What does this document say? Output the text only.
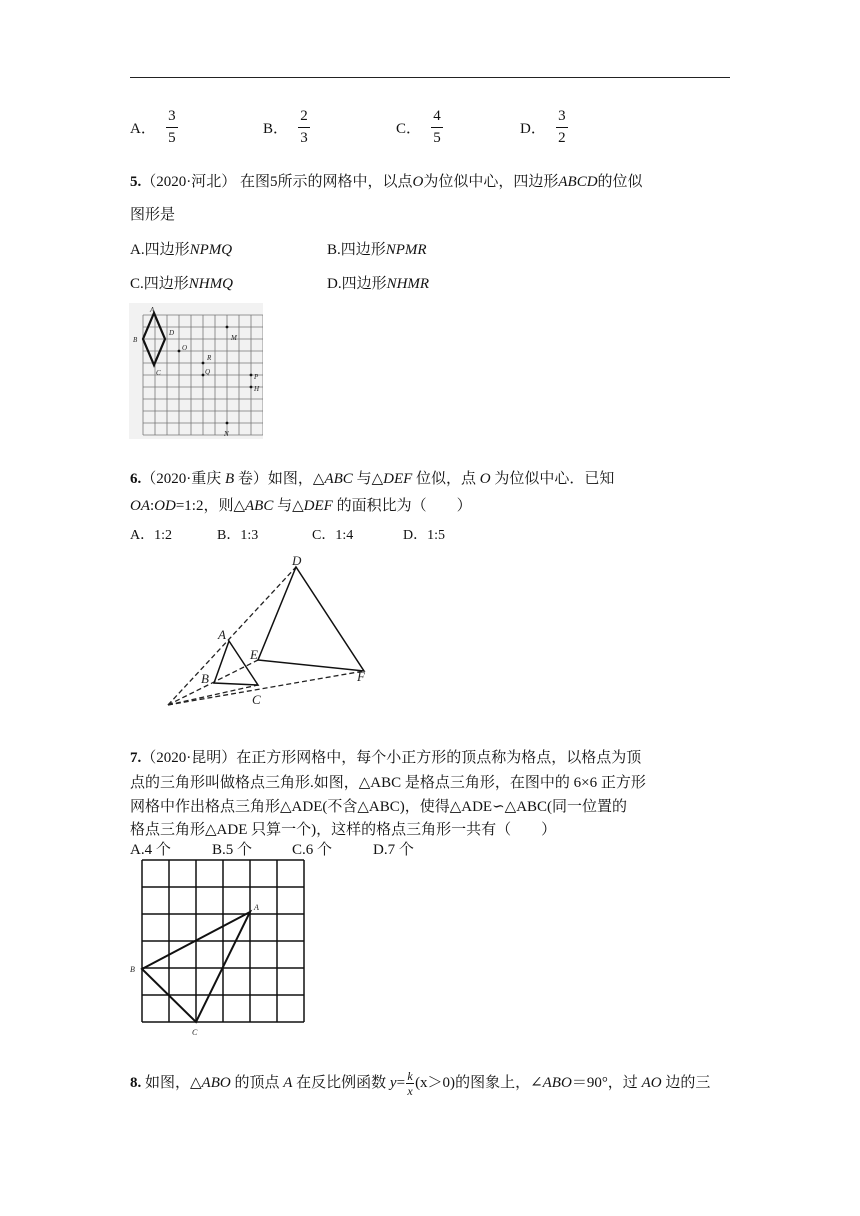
A． $\frac{3}{5}$	B． $\frac{2}{3}$	C． $\frac{4}{5}$	D． $\frac{3}{2}$
5.（2020·河北） 在图5所示的网格中，以点O为位似中心，四边形ABCD的位似
图形是
A.四边形NPMQ	B.四边形NPMR
C.四边形NHMQ	D.四边形NHMR
A
B
C
D
O
M
R
Q
P
H
N
6.（2020·重庆 B 卷）如图，△ABC 与△DEF 位似，点 O 为位似中心．已知
OA:OD=1:2，则△ABC 与△DEF 的面积比为（　　）
A．1:2	B．1:3	C．1:4	D．1:5
D
A
E
B
C
F
7.（2020·昆明）在正方形网格中，每个小正方形的顶点称为格点，以格点为顶
点的三角形叫做格点三角形.如图，△ABC 是格点三角形，在图中的 6×6 正方形
网格中作出格点三角形△ADE(不含△ABC)，使得△ADE∽△ABC(同一位置的
格点三角形△ADE 只算一个)，这样的格点三角形一共有（　　）
A.4 个	B.5 个	C.6 个	D.7 个
A
B
C
8. 如图，△ABO 的顶点 A 在反比例函数 $y= \frac{k}{x} (x>0)$的图象上，∠ABO＝90°，过 AO 边的三
